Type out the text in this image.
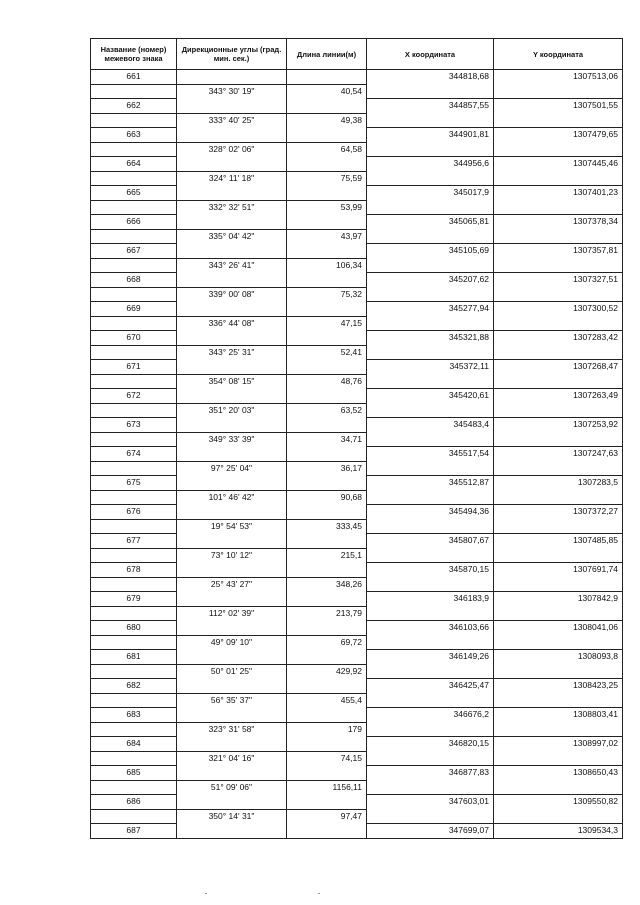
Название (номер) межевого знака	Дирекционные углы (град. мин. сек.)	Длина линии(м)	X координата	Y координата
661			344818,68	1307513,06
	343° 30' 19"	40,54		
662			344857,55	1307501,55
	333° 40' 25"	49,38		
663			344901,81	1307479,65
	328° 02' 06"	64,58		
664			344956,6	1307445,46
	324° 11' 18"	75,59		
665			345017,9	1307401,23
	332° 32' 51"	53,99		
666			345065,81	1307378,34
	335° 04' 42"	43,97		
667			345105,69	1307357,81
	343° 26' 41"	106,34		
668			345207,62	1307327,51
	339° 00' 08"	75,32		
669			345277,94	1307300,52
	336° 44' 08"	47,15		
670			345321,88	1307283,42
	343° 25' 31"	52,41		
671			345372,11	1307268,47
	354° 08' 15"	48,76		
672			345420,61	1307263,49
	351° 20' 03"	63,52		
673			345483,4	1307253,92
	349° 33' 39"	34,71		
674			345517,54	1307247,63
	97° 25' 04"	36,17		
675			345512,87	1307283,5
	101° 46' 42"	90,68		
676			345494,36	1307372,27
	19° 54' 53"	333,45		
677			345807,67	1307485,85
	73° 10' 12"	215,1		
678			345870,15	1307691,74
	25° 43' 27"	348,26		
679			346183,9	1307842,9
	112° 02' 39"	213,79		
680			346103,66	1308041,06
	49° 09' 10"	69,72		
681			346149,26	1308093,8
	50° 01' 25"	429,92		
682			346425,47	1308423,25
	56° 35' 37"	455,4		
683			346676,2	1308803,41
	323° 31' 58"	179		
684			346820,15	1308997,02
	321° 04' 16"	74,15		
685			346877,83	1308650,43
	51° 09' 06"	1156,11		
686			347603,01	1309550,82
	350° 14' 31"	97,47		
687			347699,07	1309534,3
